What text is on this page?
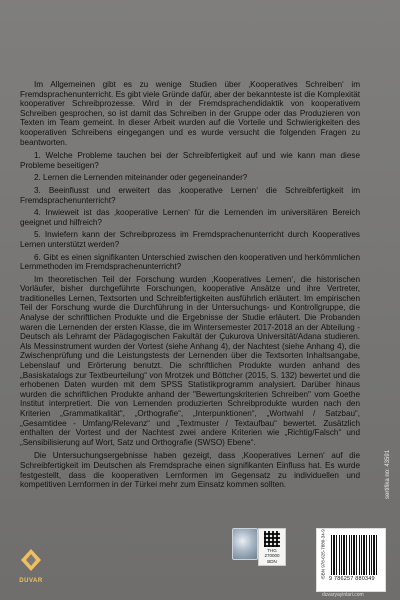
Im Allgemeinen gibt es zu wenige Studien über ‚Kooperatives Schreiben‘ im Fremdsprachenunterricht. Es gibt viele Gründe dafür, aber der bekannteste ist die Komplexität kooperativer Schreibprozesse. Wird in der Fremdsprachendidaktik von kooperativem Schreiben gesprochen, so ist damit das Schreiben in der Gruppe oder das Produzieren von Texten im Team gemeint. In dieser Arbeit wurden auf die Vorteile und Schwierigkeiten des kooperativen Schreibens eingegangen und es wurde versucht die folgenden Fragen zu beantworten.

1. Welche Probleme tauchen bei der Schreibfertigkeit auf und wie kann man diese Probleme beseitigen?

2. Lernen die Lernenden miteinander oder gegeneinander?

3. Beeinflusst und erweitert das ‚kooperative Lernen‘ die Schreibfertigkeit im Fremdsprachenunterricht?

4. Inwieweit ist das ‚kooperative Lernen‘ für die Lernenden im universitären Bereich geeignet und hilfreich?

5. Inwiefern kann der Schreibprozess im Fremdsprachenunterricht durch Kooperatives Lernen unterstützt werden?

6. Gibt es einen signifikanten Unterschied zwischen den kooperativen und herkömmlichen Lernmethoden im Fremdsprachenunterricht?

Im theoretischen Teil der Forschung wurden ‚Kooperatives Lernen‘, die historischen Vorläufer, bisher durchgeführte Forschungen, kooperative Ansätze und ihre Vertreter, traditionelles Lernen, Textsorten und Schreibfertigkeiten ausführlich erläutert. Im empirischen Teil der Forschung wurde die Durchführung in der Untersuchungs- und Kontrollgruppe, die Analyse der schriftlichen Produkte und die Ergebnisse der Studie erläutert. Die Probanden waren die Lernenden der ersten Klasse, die im Wintersemester 2017-2018 an der Abteilung - Deutsch als Lehramt der Pädagogischen Fakultät der Çukurova Universität/Adana studieren. Als Messinstrument wurden der Vortest (siehe Anhang 4), der Nachtest (siehe Anhang 4), die Zwischenprüfung und die Leistungstests der Lernenden über die Textsorten Inhaltsangabe, Lebenslauf und Erörterung benutzt. Die schriftlichen Produkte wurden anhand des „Basiskatalogs zur Textbeurteilung“ von Mrotzek und Böttcher (2015, S. 132) bewertet und die erhobenen Daten wurden mit dem SPSS Statistikprogramm analysiert. Darüber hinaus wurden die schriftlichen Produkte anhand der "Bewertungskriterien Schreiben" vom Goethe Institut interpretiert. Die von Lernenden produzierten Schreibprodukte wurden nach den Kriterien „Grammatikalität“, „Orthografie“, „Interpunktionen“, „Wortwahl / Satzbau“, „Gesamtidee - Umfang/Relevanz“ und „Textmuster / Textaufbau“ bewertet. Zusätzlich enthalten der Vortest und der Nachtest zwei andere Kriterien wie „Richtig/Falsch“ und „Sensibilisierung auf Wort, Satz und Orthografie (SWSO) Ebene“.

Die Untersuchungsergebnisse haben gezeigt, dass ‚Kooperatives Lernen‘ auf die Schreibfertigkeit im Deutschen als Fremdsprache einen signifikanten Einfluss hat. Es wurde festgestellt, dass die kooperativen Lernformen im Gegensatz zu individuellen und kompetitiven Lernformen in der Türkei mehr zum Einsatz kommen sollten.	sertifika no: 43591
DUVAR
THG
270000
BDN	ISBN 978-625-7880-34-9 9 786257 880349
duvaryayinlari.com
